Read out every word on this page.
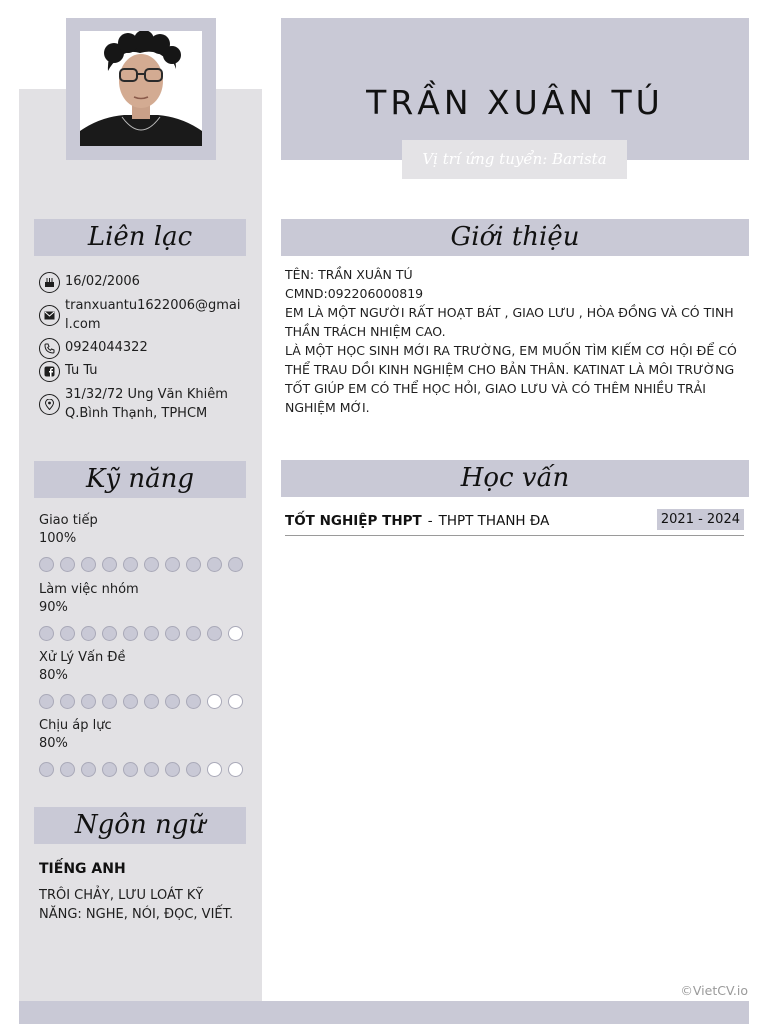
TRẦN XUÂN TÚ
Vị trí ứng tuyển: Barista
Liên lạc
Kỹ năng
Ngôn ngữ
Giới thiệu
Học vấn
16/02/2006
tranxuantu1622006@gmail.com
0924044322
Tu Tu
31/32/72 Ung Văn Khiêm Q.Bình Thạnh, TPHCM
Giao tiếp
100%
Làm việc nhóm
90%
Xử Lý Vấn Đề
80%
Chịu áp lực
80%
TIẾNG ANH
TRÔI CHẢY, LƯU LOÁT KỸ NĂNG: NGHE, NÓI, ĐỌC, VIẾT.
TÊN: TRẦN XUÂN TÚ
CMND:092206000819
EM LÀ MỘT NGƯỜI RẤT HOẠT BÁT , GIAO LƯU , HÒA ĐỒNG VÀ CÓ TINH THẦN TRÁCH NHIỆM CAO.
LÀ MỘT HỌC SINH MỚI RA TRƯỜNG, EM MUỐN TÌM KIẾM CƠ HỘI ĐỂ CÓ THỂ TRAU DỒI KINH NGHIỆM CHO BẢN THÂN. KATINAT LÀ MÔI TRƯỜNG TỐT GIÚP EM CÓ THỂ HỌC HỎI, GIAO LƯU VÀ CÓ THÊM NHIỀU TRẢI NGHIỆM MỚI.
TỐT NGHIỆP THPT - THPT THANH ĐA	2021 - 2024
©VietCV.io
